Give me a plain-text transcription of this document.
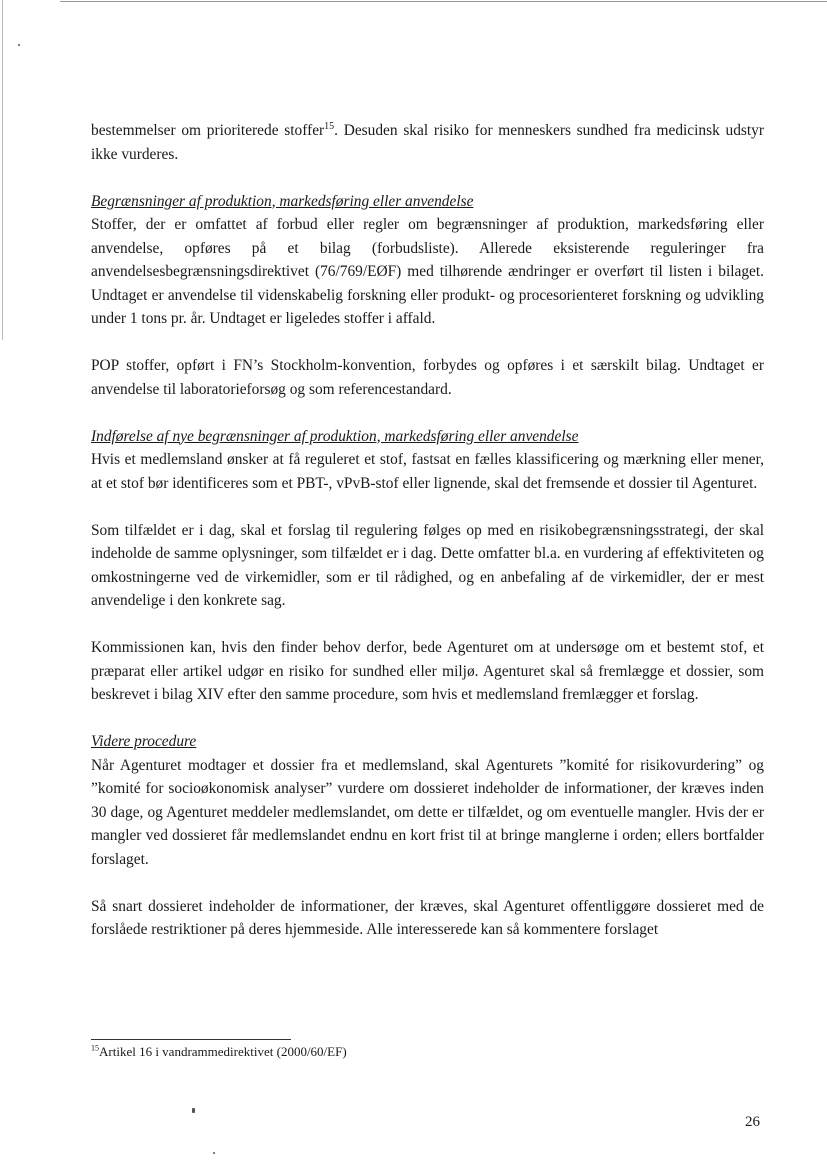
bestemmelser om prioriterede stoffer$^{15}$. Desuden skal risiko for menneskers sundhed fra medicinsk udstyr ikke vurderes.

Begrænsninger af produktion, markedsføring eller anvendelse

Stoffer, der er omfattet af forbud eller regler om begrænsninger af produktion, markedsføring eller anvendelse, opføres på et bilag (forbudsliste). Allerede eksisterende reguleringer fra anvendelsesbegrænsningsdirektivet (76/769/EØF) med tilhørende ændringer er overført til listen i bilaget. Undtaget er anvendelse til videnskabelig forskning eller produkt- og procesorienteret forskning og udvikling under 1 tons pr. år. Undtaget er ligeledes stoffer i affald.

POP stoffer, opført i FN’s Stockholm-konvention, forbydes og opføres i et særskilt bilag. Undtaget er anvendelse til laboratorieforsøg og som referencestandard.

Indførelse af nye begrænsninger af produktion, markedsføring eller anvendelse

Hvis et medlemsland ønsker at få reguleret et stof, fastsat en fælles klassificering og mærkning eller mener, at et stof bør identificeres som et PBT-, vPvB-stof eller lignende, skal det fremsende et dossier til Agenturet.

Som tilfældet er i dag, skal et forslag til regulering følges op med en risikobegrænsningsstrategi, der skal indeholde de samme oplysninger, som tilfældet er i dag. Dette omfatter bl.a. en vurdering af effektiviteten og omkostningerne ved de virkemidler, som er til rådighed, og en anbefaling af de virkemidler, der er mest anvendelige i den konkrete sag.

Kommissionen kan, hvis den finder behov derfor, bede Agenturet om at undersøge om et bestemt stof, et præparat eller artikel udgør en risiko for sundhed eller miljø. Agenturet skal så fremlægge et dossier, som beskrevet i bilag XIV efter den samme procedure, som hvis et medlemsland fremlægger et forslag.

Videre procedure

Når Agenturet modtager et dossier fra et medlemsland, skal Agenturets ”komité for risikovurdering” og ”komité for socioøkonomisk analyser” vurdere om dossieret indeholder de informationer, der kræves inden 30 dage, og Agenturet meddeler medlemslandet, om dette er tilfældet, og om eventuelle mangler. Hvis der er mangler ved dossieret får medlemslandet endnu en kort frist til at bringe manglerne i orden; ellers bortfalder forslaget.

Så snart dossieret indeholder de informationer, der kræves, skal Agenturet offentliggøre dossieret med de forslåede restriktioner på deres hjemmeside. Alle interesserede kan så kommentere forslaget

$^{15}$Artikel 16 i vandrammedirektivet (2000/60/EF)
26
